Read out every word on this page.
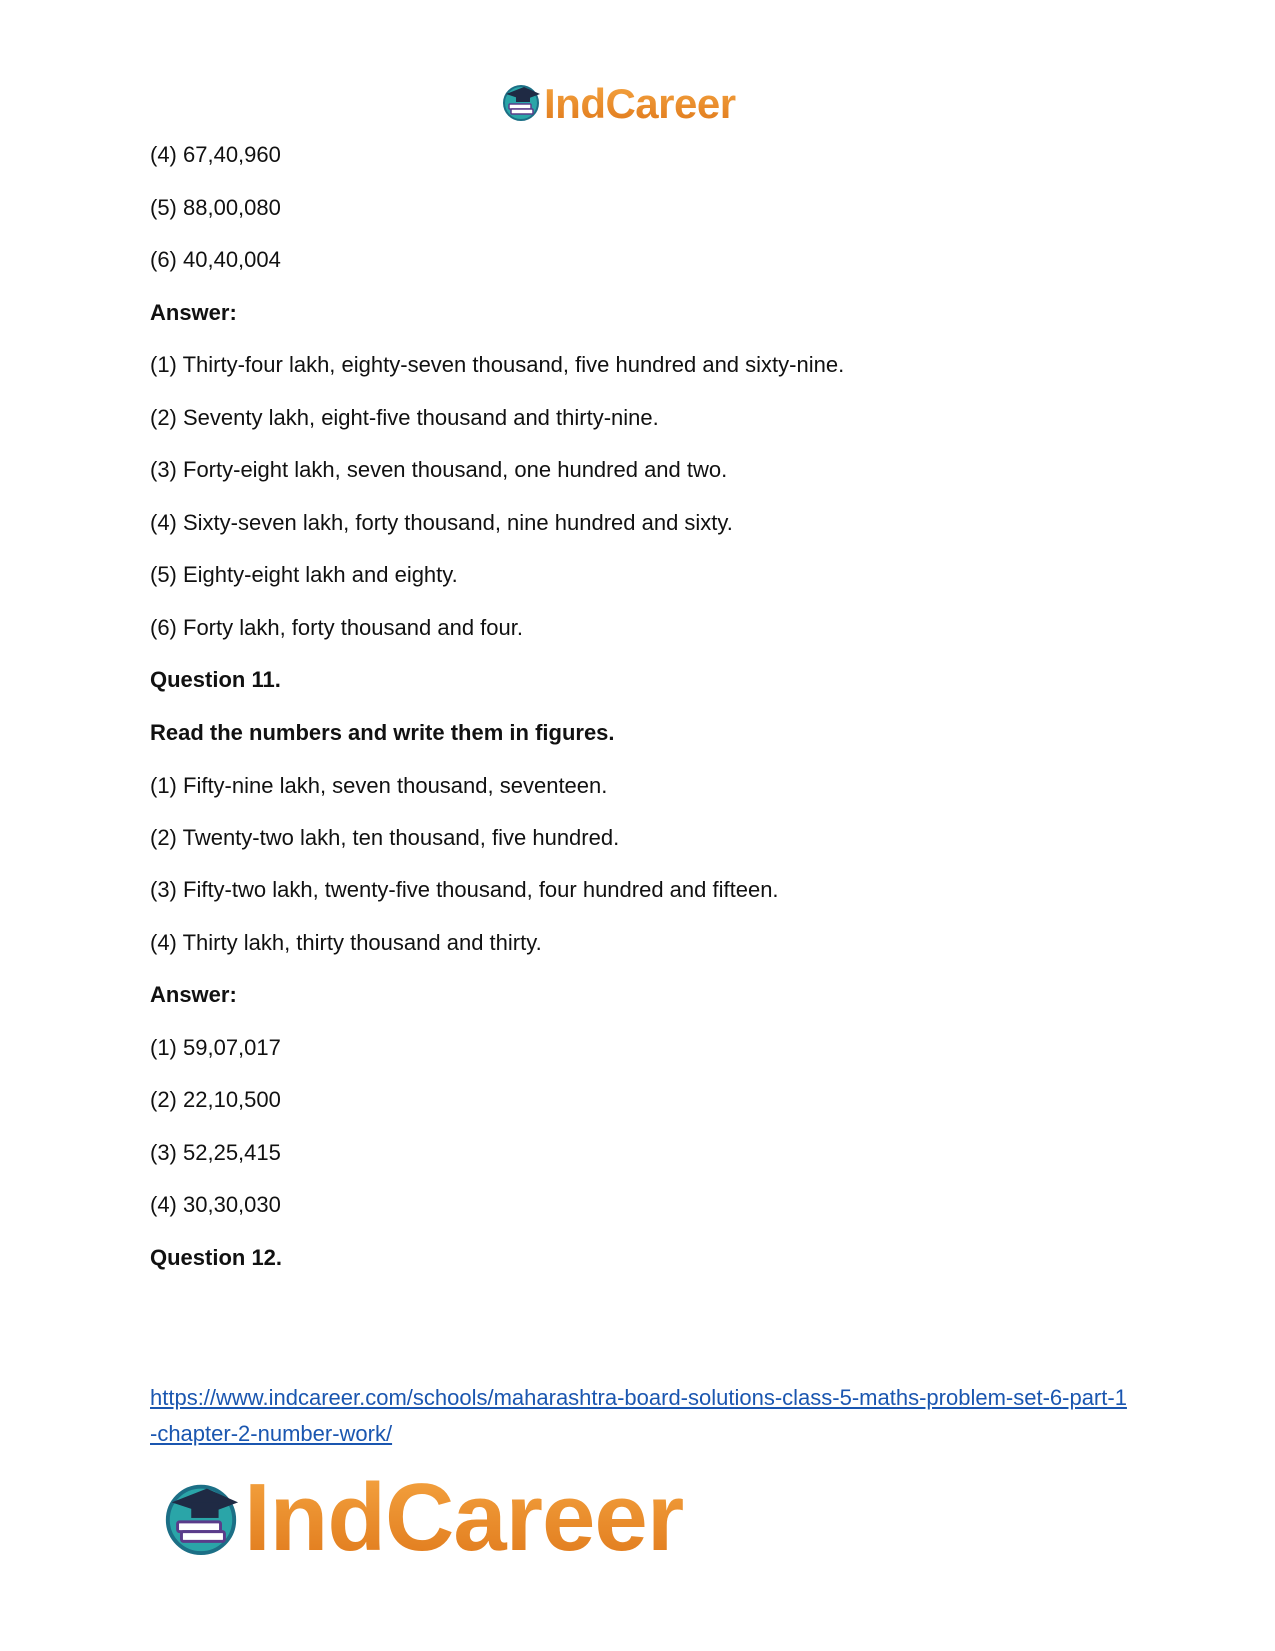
IndCareer
(4) 67,40,960
(5) 88,00,080
(6) 40,40,004
Answer:
(1) Thirty-four lakh, eighty-seven thousand, five hundred and sixty-nine.
(2) Seventy lakh, eight-five thousand and thirty-nine.
(3) Forty-eight lakh, seven thousand, one hundred and two.
(4) Sixty-seven lakh, forty thousand, nine hundred and sixty.
(5) Eighty-eight lakh and eighty.
(6) Forty lakh, forty thousand and four.
Question 11.
Read the numbers and write them in figures.
(1) Fifty-nine lakh, seven thousand, seventeen.
(2) Twenty-two lakh, ten thousand, five hundred.
(3) Fifty-two lakh, twenty-five thousand, four hundred and fifteen.
(4) Thirty lakh, thirty thousand and thirty.
Answer:
(1) 59,07,017
(2) 22,10,500
(3) 52,25,415
(4) 30,30,030
Question 12.
https://www.indcareer.com/schools/maharashtra-board-solutions-class-5-maths-problem-set-6-part-1-chapter-2-number-work/
IndCareer
